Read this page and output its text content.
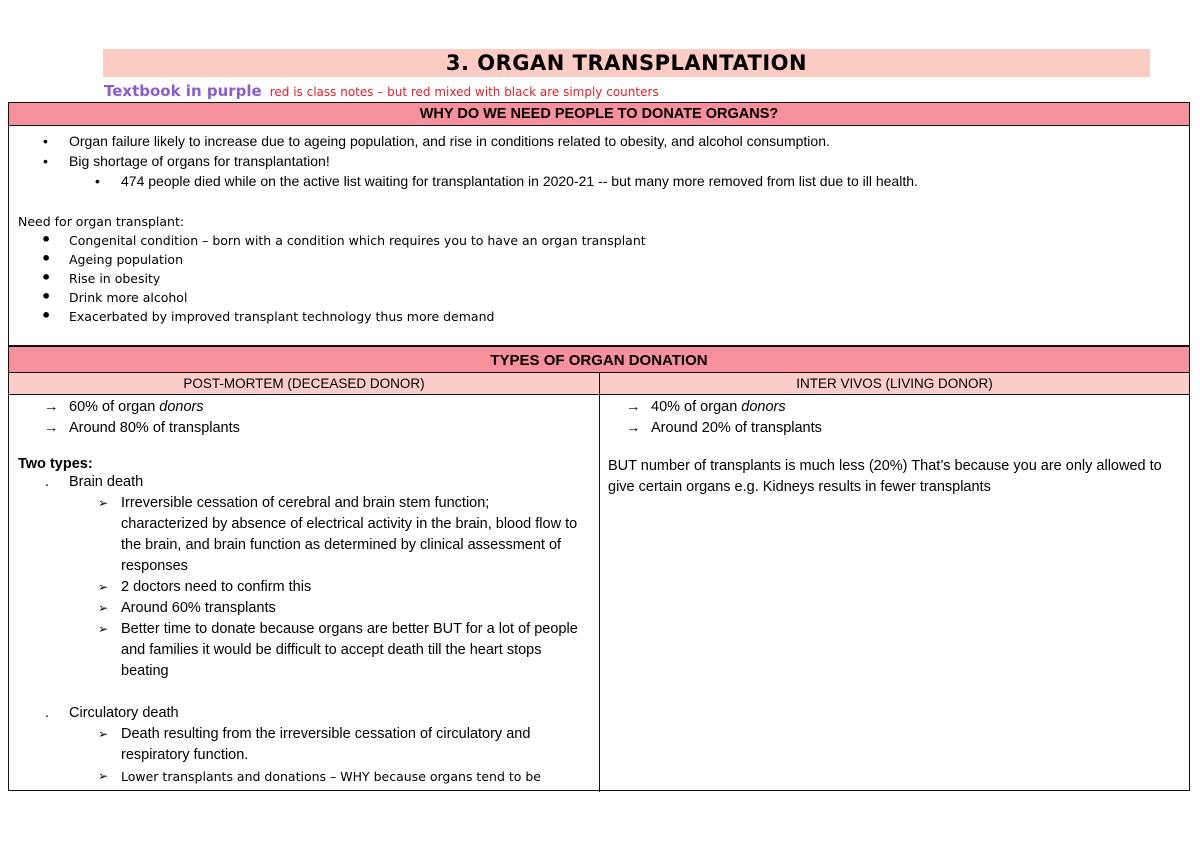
3. ORGAN TRANSPLANTATION
Textbook in purple red is class notes – but red mixed with black are simply counters
WHY DO WE NEED PEOPLE TO DONATE ORGANS?
• Organ failure likely to increase due to ageing population, and rise in conditions related to obesity, and alcohol consumption.
• Big shortage of organs for transplantation!
• 474 people died while on the active list waiting for transplantation in 2020-21 -- but many more removed from list due to ill health.
Need for organ transplant:
• Congenital condition – born with a condition which requires you to have an organ transplant
• Ageing population
• Rise in obesity
• Drink more alcohol
• Exacerbated by improved transplant technology thus more demand
TYPES OF ORGAN DONATION
POST-MORTEM (DECEASED DONOR)	INTER VIVOS (LIVING DONOR)
→ 60% of organ donors
→ Around 80% of transplants
Two types:
. Brain death
➢ Irreversible cessation of cerebral and brain stem function; characterized by absence of electrical activity in the brain, blood flow to the brain, and brain function as determined by clinical assessment of responses
➢ 2 doctors need to confirm this
➢ Around 60% transplants
➢ Better time to donate because organs are better BUT for a lot of people and families it would be difficult to accept death till the heart stops beating
. Circulatory death
➢ Death resulting from the irreversible cessation of circulatory and respiratory function.
➢ Lower transplants and donations – WHY because organs tend to be
→ 40% of organ donors
→ Around 20% of transplants
BUT number of transplants is much less (20%) That’s because you are only allowed to give certain organs e.g. Kidneys results in fewer transplants
